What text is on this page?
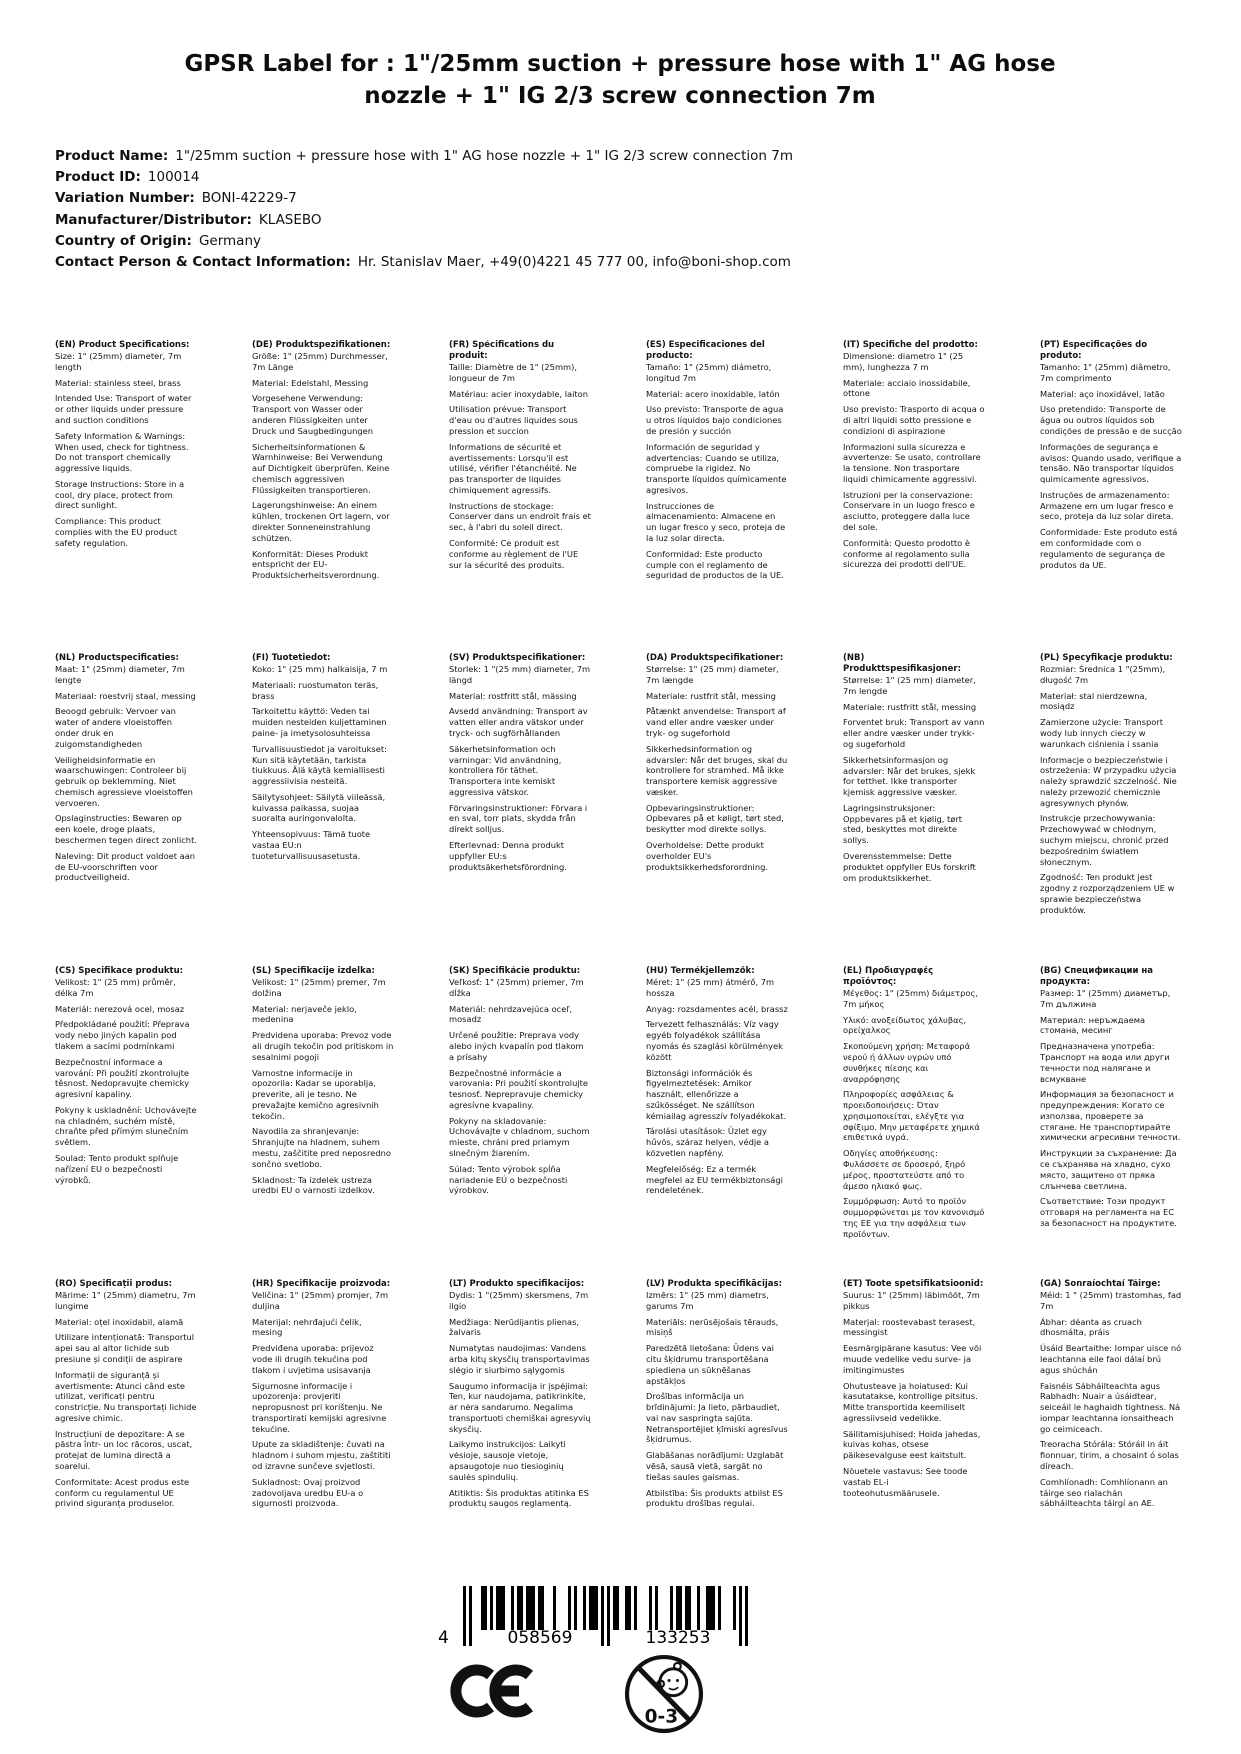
GPSR Label for : 1"/25mm suction + pressure hose with 1" AG hose nozzle + 1" IG 2/3 screw connection 7m
Product Name: 1"/25mm suction + pressure hose with 1" AG hose nozzle + 1" IG 2/3 screw connection 7m
Product ID: 100014
Variation Number: BONI-42229-7
Manufacturer/Distributor: KLASEBO
Country of Origin: Germany
Contact Person & Contact Information: Hr. Stanislav Maer, +49(0)4221 45 777 00, info@boni-shop.com
(EN) Product Specifications:

Size: 1" (25mm) diameter, 7m length

Material: stainless steel, brass

Intended Use: Transport of water or other liquids under pressure and suction conditions

Safety Information & Warnings: When used, check for tightness. Do not transport chemically aggressive liquids.

Storage Instructions: Store in a cool, dry place, protect from direct sunlight.

Compliance: This product complies with the EU product safety regulation.

(DE) Produktspezifikationen:

Größe: 1" (25mm) Durchmesser, 7m Länge

Material: Edelstahl, Messing

Vorgesehene Verwendung: Transport von Wasser oder anderen Flüssigkeiten unter Druck und Saugbedingungen

Sicherheitsinformationen & Warnhinweise: Bei Verwendung auf Dichtigkeit überprüfen. Keine chemisch aggressiven Flüssigkeiten transportieren.

Lagerungshinweise: An einem kühlen, trockenen Ort lagern, vor direkter Sonneneinstrahlung schützen.

Konformität: Dieses Produkt entspricht der EU-Produktsicherheitsverordnung.

(FR) Spécifications du produit:

Taille: Diamètre de 1" (25mm), longueur de 7m

Matériau: acier inoxydable, laiton

Utilisation prévue: Transport d'eau ou d'autres liquides sous pression et succion

Informations de sécurité et avertissements: Lorsqu'il est utilisé, vérifier l'étanchéité. Ne pas transporter de liquides chimiquement agressifs.

Instructions de stockage: Conserver dans un endroit frais et sec, à l'abri du soleil direct.

Conformité: Ce produit est conforme au règlement de l'UE sur la sécurité des produits.

(ES) Especificaciones del producto:

Tamaño: 1" (25mm) diámetro, longitud 7m

Material: acero inoxidable, latón

Uso previsto: Transporte de agua u otros líquidos bajo condiciones de presión y succión

Información de seguridad y advertencias: Cuando se utiliza, compruebe la rigidez. No transporte líquidos químicamente agresivos.

Instrucciones de almacenamiento: Almacene en un lugar fresco y seco, proteja de la luz solar directa.

Conformidad: Este producto cumple con el reglamento de seguridad de productos de la UE.

(IT) Specifiche del prodotto:

Dimensione: diametro 1" (25 mm), lunghezza 7 m

Materiale: acciaio inossidabile, ottone

Uso previsto: Trasporto di acqua o di altri liquidi sotto pressione e condizioni di aspirazione

Informazioni sulla sicurezza e avvertenze: Se usato, controllare la tensione. Non trasportare liquidi chimicamente aggressivi.

Istruzioni per la conservazione: Conservare in un luogo fresco e asciutto, proteggere dalla luce del sole.

Conformità: Questo prodotto è conforme al regolamento sulla sicurezza dei prodotti dell'UE.

(PT) Especificações do produto:

Tamanho: 1" (25mm) diâmetro, 7m comprimento

Material: aço inoxidável, latão

Uso pretendido: Transporte de água ou outros líquidos sob condições de pressão e de sucção

Informações de segurança e avisos: Quando usado, verifique a tensão. Não transportar líquidos quimicamente agressivos.

Instruções de armazenamento: Armazene em um lugar fresco e seco, proteja da luz solar direta.

Conformidade: Este produto está em conformidade com o regulamento de segurança de produtos da UE.

(NL) Productspecificaties:

Maat: 1" (25mm) diameter, 7m lengte

Materiaal: roestvrij staal, messing

Beoogd gebruik: Vervoer van water of andere vloeistoffen onder druk en zuigomstandigheden

Veiligheidsinformatie en waarschuwingen: Controleer bij gebruik op beklemming. Niet chemisch agressieve vloeistoffen vervoeren.

Opslaginstructies: Bewaren op een koele, droge plaats, beschermen tegen direct zonlicht.

Naleving: Dit product voldoet aan de EU-voorschriften voor productveiligheid.

(FI) Tuotetiedot:

Koko: 1" (25 mm) halkaisija, 7 m

Materiaali: ruostumaton teräs, brass

Tarkoitettu käyttö: Veden tai muiden nesteiden kuljettaminen paine- ja imetysolosuhteissa

Turvallisuustiedot ja varoitukset: Kun sitä käytetään, tarkista tiukkuus. Älä käytä kemiallisesti aggressiivisia nesteitä.

Säilytysohjeet: Säilytä viileässä, kuivassa paikassa, suojaa suoralta auringonvalolta.

Yhteensopivuus: Tämä tuote vastaa EU:n tuoteturvallisuusasetusta.

(SV) Produktspecifikationer:

Storlek: 1 "(25 mm) diameter, 7m längd

Material: rostfritt stål, mässing

Avsedd användning: Transport av vatten eller andra vätskor under tryck- och sugförhållanden

Säkerhetsinformation och varningar: Vid användning, kontrollera för täthet. Transportera inte kemiskt aggressiva vätskor.

Förvaringsinstruktioner: Förvara i en sval, torr plats, skydda från direkt solljus.

Efterlevnad: Denna produkt uppfyller EU:s produktsäkerhetsförordning.

(DA) Produktspecifikationer:

Størrelse: 1" (25 mm) diameter, 7m længde

Materiale: rustfrit stål, messing

Påtænkt anvendelse: Transport af vand eller andre væsker under tryk- og sugeforhold

Sikkerhedsinformation og advarsler: Når det bruges, skal du kontrollere for stramhed. Må ikke transportere kemisk aggressive væsker.

Opbevaringsinstruktioner: Opbevares på et køligt, tørt sted, beskytter mod direkte sollys.

Overholdelse: Dette produkt overholder EU's produktsikkerhedsforordning.

(NB) Produkttspesifikasjoner:

Størrelse: 1" (25 mm) diameter, 7m lengde

Materiale: rustfritt stål, messing

Forventet bruk: Transport av vann eller andre væsker under trykk- og sugeforhold

Sikkerhetsinformasjon og advarsler: Når det brukes, sjekk for tetthet. Ikke transporter kjemisk aggressive væsker.

Lagringsinstruksjoner: Oppbevares på et kjølig, tørt sted, beskyttes mot direkte sollys.

Overensstemmelse: Dette produktet oppfyller EUs forskrift om produktsikkerhet.

(PL) Specyfikacje produktu:

Rozmiar: Średnica 1 "(25mm), długość 7m

Materiał: stal nierdzewna, mosiądz

Zamierzone użycie: Transport wody lub innych cieczy w warunkach ciśnienia i ssania

Informacje o bezpieczeństwie i ostrzeżenia: W przypadku użycia należy sprawdzić szczelność. Nie należy przewozić chemicznie agresywnych płynów.

Instrukcje przechowywania: Przechowywać w chłodnym, suchym miejscu, chronić przed bezpośrednim światłem słonecznym.

Zgodność: Ten produkt jest zgodny z rozporządzeniem UE w sprawie bezpieczeństwa produktów.

(CS) Specifikace produktu:

Velikost: 1" (25 mm) průměr, délka 7m

Materiál: nerezová ocel, mosaz

Předpokládané použití: Přeprava vody nebo jiných kapalin pod tlakem a sacími podmínkami

Bezpečnostní informace a varování: Při použití zkontrolujte těsnost. Nedopravujte chemicky agresivní kapaliny.

Pokyny k uskladnění: Uchovávejte na chladném, suchém místě, chraňte před přímým slunečním světlem.

Soulad: Tento produkt splňuje nařízení EU o bezpečnosti výrobků.

(SL) Specifikacije izdelka:

Velikost: 1" (25mm) premer, 7m dolžina

Material: nerjaveče jeklo, medenina

Predvidena uporaba: Prevoz vode ali drugih tekočin pod pritiskom in sesalnimi pogoji

Varnostne informacije in opozorila: Kadar se uporablja, preverite, ali je tesno. Ne prevažajte kemično agresivnih tekočin.

Navodila za shranjevanje: Shranjujte na hladnem, suhem mestu, zaščitite pred neposredno sončno svetlobo.

Skladnost: Ta izdelek ustreza uredbi EU o varnosti izdelkov.

(SK) Špecifikácie produktu:

Veľkosť: 1" (25mm) priemer, 7m dĺžka

Materiál: nehrdzavejúca oceľ, mosadz

Určené použitie: Preprava vody alebo iných kvapalín pod tlakom a prísahy

Bezpečnostné informácie a varovania: Pri použití skontrolujte tesnosť. Neprepravuje chemicky agresívne kvapaliny.

Pokyny na skladovanie: Uchovávajte v chladnom, suchom mieste, chráni pred priamym slnečným žiarením.

Súlad: Tento výrobok spĺňa nariadenie EÚ o bezpečnosti výrobkov.

(HU) Termékjellemzők:

Méret: 1" (25 mm) átmérő, 7m hossza

Anyag: rozsdamentes acél, brassz

Tervezett felhasználás: Víz vagy egyéb folyadékok szállítása nyomás és szaglási körülmények között

Biztonsági információk és figyelmeztetések: Amikor használt, ellenőrizze a szűkösséget. Ne szállítson kémiailag agresszív folyadékokat.

Tárolási utasítások: Üzlet egy hűvös, száraz helyen, védje a közvetlen napfény.

Megfelelőség: Ez a termék megfelel az EU termékbiztonsági rendeletének.

(EL) Προδιαγραφές προϊόντος:

Μέγεθος: 1" (25mm) διάμετρος, 7m μήκος

Υλικό: ανοξείδωτος χάλυβας, ορείχαλκος

Σκοπούμενη χρήση: Μεταφορά νερού ή άλλων υγρών υπό συνθήκες πίεσης και αναρρόφησης

Πληροφορίες ασφάλειας & προειδοποιήσεις: Όταν χρησιμοποιείται, ελέγξτε για σφίξιμο. Μην μεταφέρετε χημικά επιθετικά υγρά.

Οδηγίες αποθήκευσης: Φυλάσσετε σε δροσερό, ξηρό μέρος, προστατεύστε από το άμεσο ηλιακό φως.

Συμμόρφωση: Αυτό το προϊόν συμμορφώνεται με τον κανονισμό της ΕΕ για την ασφάλεια των προϊόντων.

(BG) Спецификации на продукта:

Размер: 1" (25mm) диаметър, 7m дължина

Материал: неръждаема стомана, месинг

Предназначена употреба: Транспорт на вода или други течности под налягане и всмукване

Информация за безопасност и предупреждения: Когато се използва, проверете за стягане. Не транспортирайте химически агресивни течности.

Инструкции за съхранение: Да се съхранява на хладно, сухо място, защитено от пряка слънчева светлина.

Съответствие: Този продукт отговаря на регламента на ЕС за безопасност на продуктите.

(RO) Specificații produs:

Mărime: 1" (25mm) diametru, 7m lungime

Material: oțel inoxidabil, alamă

Utilizare intenționată: Transportul apei sau al altor lichide sub presiune și condiții de aspirare

Informații de siguranță și avertismente: Atunci când este utilizat, verificați pentru constricție. Nu transportați lichide agresive chimic.

Instrucțiuni de depozitare: A se păstra într- un loc răcoros, uscat, protejat de lumina directă a soarelui.

Conformitate: Acest produs este conform cu regulamentul UE privind siguranța produselor.

(HR) Specifikacije proizvoda:

Veličina: 1" (25mm) promjer, 7m duljina

Materijal: nehrđajući čelik, mesing

Predviđena uporaba: prijevoz vode ili drugih tekućina pod tlakom i uvjetima usisavanja

Sigurnosne informacije i upozorenja: provjeriti nepropusnost pri korištenju. Ne transportirati kemijski agresivne tekućine.

Upute za skladištenje: čuvati na hladnom i suhom mjestu, zaštititi od izravne sunčeve svjetlosti.

Sukladnost: Ovaj proizvod zadovoljava uredbu EU-a o sigurnosti proizvoda.

(LT) Produkto specifikacijos:

Dydis: 1 "(25mm) skersmens, 7m ilgio

Medžiaga: Nerūdijantis plienas, žalvaris

Numatytas naudojimas: Vandens arba kitų skysčių transportavimas slėgio ir siurbimo sąlygomis

Saugumo informacija ir įspėjimai: Ten, kur naudojama, patikrinkite, ar nėra sandarumo. Negalima transportuoti chemiškai agresyvių skysčių.

Laikymo instrukcijos: Laikyti vėsioje, sausoje vietoje, apsaugotoje nuo tiesioginių saulės spindulių.

Atitiktis: Šis produktas atitinka ES produktų saugos reglamentą.

(LV) Produkta specifikācijas:

Izmērs: 1" (25 mm) diametrs, garums 7m

Materiāls: nerūsējošais tērauds, misiņš

Paredzētā lietošana: Ūdens vai citu šķidrumu transportēšana spiediena un sūknēšanas apstākļos

Drošības informācija un brīdinājumi: Ja lieto, pārbaudiet, vai nav saspringta sajūta. Netransportējiet ķīmiski agresīvus šķidrumus.

Glabāšanas norādījumi: Uzglabāt vēsā, sausā vietā, sargāt no tiešas saules gaismas.

Atbilstība: Šis produkts atbilst ES produktu drošības regulai.

(ET) Toote spetsifikatsioonid:

Suurus: 1" (25mm) läbimõõt, 7m pikkus

Materjal: roostevabast terasest, messingist

Eesmärgipärane kasutus: Vee või muude vedelike vedu surve- ja imitingimustes

Ohutusteave ja hoiatused: Kui kasutatakse, kontrollige pitsitus. Mitte transportida keemiliselt agressiivseid vedelikke.

Säilitamisjuhised: Hoida jahedas, kuivas kohas, otsese päikesevalguse eest kaitstult.

Nõuetele vastavus: See toode vastab EL-i tooteohutusmäärusele.

(GA) Sonraíochtaí Táirge:

Méid: 1 " (25mm) trastomhas, fad 7m

Ábhar: déanta as cruach dhosmálta, práis

Úsáid Beartaithe: Iompar uisce nó leachtanna eile faoi dálaí brú agus shúchán

Faisnéis Sábháilteachta agus Rabhadh: Nuair a úsáidtear, seiceáil le haghaidh tightness. Ná iompar leachtanna ionsaitheach go ceimiceach.

Treoracha Stórála: Stóráil in áit fionnuar, tirim, a chosaint ó solas díreach.

Comhlíonadh: Comhlíonann an táirge seo rialachán sábháilteachta táirgí an AE.

4	058569	133253
0-3
